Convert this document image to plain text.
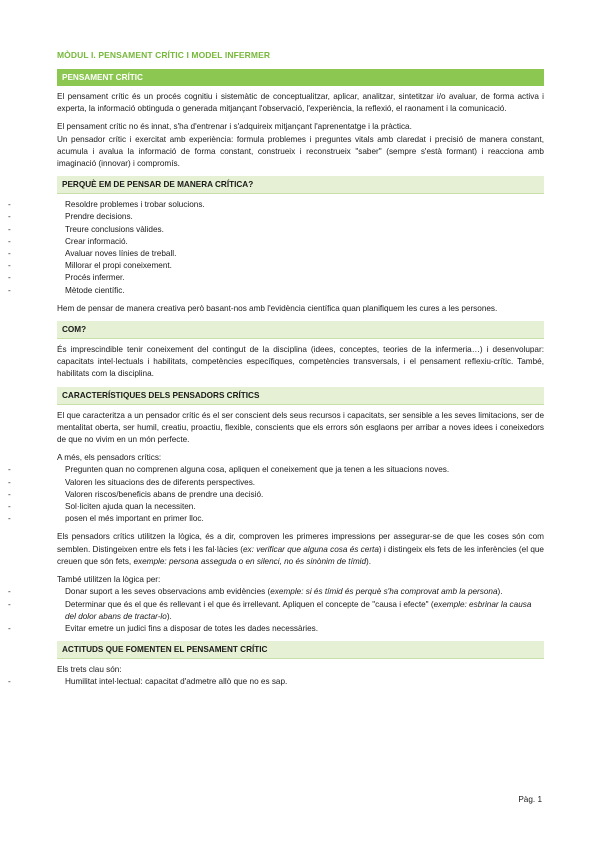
MÒDUL I. PENSAMENT CRÍTIC I MODEL INFERMER
PENSAMENT CRÍTIC

El pensament crític és un procés cognitiu i sistemàtic de conceptualitzar, aplicar, analitzar, sintetitzar i/o avaluar, de forma activa i experta, la informació obtinguda o generada mitjançant l'observació, l'experiència, la reflexió, el raonament i la comunicació.

El pensament crític no és innat, s'ha d'entrenar i s'adquireix mitjançant l'aprenentatge i la pràctica.

Un pensador crític i exercitat amb experiència: formula problemes i preguntes vitals amb claredat i precisió de manera constant, acumula i avalua la informació de forma constant, construeix i reconstrueix "saber" (sempre s'està formant) i reacciona amb imaginació (innovar) i compromís.

PERQUÈ EM DE PENSAR DE MANERA CRÍTICA?
- Resoldre problemes i trobar solucions.
- Prendre decisions.
- Treure conclusions vàlides.
- Crear informació.
- Avaluar noves línies de treball.
- Millorar el propi coneixement.
- Procés infermer.
- Mètode científic.

Hem de pensar de manera creativa però basant-nos amb l'evidència científica quan planifiquem les cures a les persones.

COM?

És imprescindible tenir coneixement del contingut de la disciplina (idees, conceptes, teories de la infermeria…) i desenvolupar: capacitats intel·lectuals i habilitats, competències específiques, competències transversals, i el pensament reflexiu-crític. També, habilitats com la disciplina.

CARACTERÍSTIQUES DELS PENSADORS CRÍTICS

El que caracteritza a un pensador crític és el ser conscient dels seus recursos i capacitats, ser sensible a les seves limitacions, ser de mentalitat oberta, ser humil, creatiu, proactiu, flexible, conscients que els errors són esglaons per arribar a noves idees i coneixedors de que no vivim en un món perfecte.

A més, els pensadors crítics:

- Pregunten quan no comprenen alguna cosa, apliquen el coneixement que ja tenen a les situacions noves.
- Valoren les situacions des de diferents perspectives.
- Valoren riscos/beneficis abans de prendre una decisió.
- Sol·liciten ajuda quan la necessiten.
- posen el més important en primer lloc.

Els pensadors crítics utilitzen la lògica, és a dir, comproven les primeres impressions per assegurar-se de que les coses són com semblen. Distingeixen entre els fets i les fal·làcies (ex: verificar que alguna cosa és certa) i distingeix els fets de les inferències (el que creuen que són fets, exemple: persona asseguda o en silenci, no és sinònim de tímid).

També utilitzen la lògica per:

- Donar suport a les seves observacions amb evidències (exemple: si és tímid és perquè s'ha comprovat amb la persona).
- Determinar que és el que és rellevant i el que és irrellevant. Apliquen el concepte de "causa i efecte" (exemple: esbrinar la causa del dolor abans de tractar-lo).
- Evitar emetre un judici fins a disposar de totes les dades necessàries.
ACTITUDS QUE FOMENTEN EL PENSAMENT CRÍTIC

Els trets clau són:

- Humilitat intel·lectual: capacitat d'admetre allò que no es sap.
Pàg. 1
